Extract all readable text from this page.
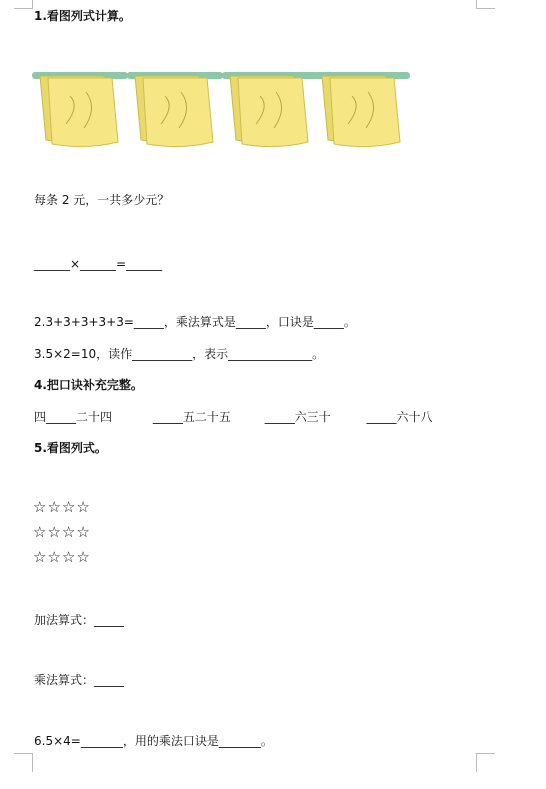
1.看图列式计算。
每条 2 元，一共多少元？
______×______=______
2.3+3+3+3+3=_____，乘法算式是_____，口诀是_____。
3.5×2=10，读作__________，表示______________。
4.把口诀补充完整。
四_____二十四	_____五二十五	_____六三十	_____六十八
5.看图列式。
☆☆☆☆
☆☆☆☆
☆☆☆☆
加法算式：_____
乘法算式：_____
6.5×4=_______，用的乘法口诀是_______。
